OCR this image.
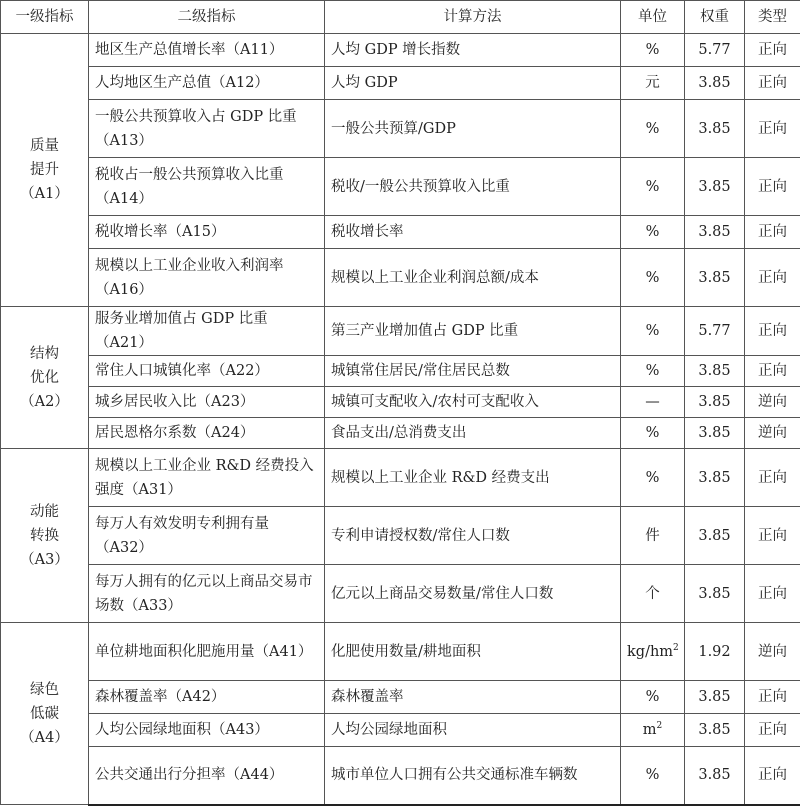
一级指标	二级指标	计算方法	单位	权重	类型

质量
提升
（A1）	地区生产总值增长率（A11）	人均 GDP 增长指数	%	5.77	正向
	人均地区生产总值（A12）	人均 GDP	元	3.85	正向
	一般公共预算收入占 GDP 比重（A13）	一般公共预算/GDP	%	3.85	正向
	税收占一般公共预算收入比重（A14）	税收/一般公共预算收入比重	%	3.85	正向
	税收增长率（A15）	税收增长率	%	3.85	正向
	规模以上工业企业收入利润率（A16）	规模以上工业企业利润总额/成本	%	3.85	正向

结构
优化
（A2）	服务业增加值占 GDP 比重（A21）	第三产业增加值占 GDP 比重	%	5.77	正向
	常住人口城镇化率（A22）	城镇常住居民/常住居民总数	%	3.85	正向
	城乡居民收入比（A23）	城镇可支配收入/农村可支配收入	—	3.85	逆向
	居民恩格尔系数（A24）	食品支出/总消费支出	%	3.85	逆向

动能
转换
（A3）	规模以上工业企业 R&D 经费投入强度（A31）	规模以上工业企业 R&D 经费支出	%	3.85	正向
	每万人有效发明专利拥有量（A32）	专利申请授权数/常住人口数	件	3.85	正向
	每万人拥有的亿元以上商品交易市场数（A33）	亿元以上商品交易数量/常住人口数	个	3.85	正向

绿色
低碳
（A4）	单位耕地面积化肥施用量（A41）	化肥使用数量/耕地面积	$kg/hm^2$	1.92	逆向
	森林覆盖率（A42）	森林覆盖率	%	3.85	正向
	人均公园绿地面积（A43）	人均公园绿地面积	$m^2$	3.85	正向
	公共交通出行分担率（A44）	城市单位人口拥有公共交通标准车辆数	%	3.85	正向
